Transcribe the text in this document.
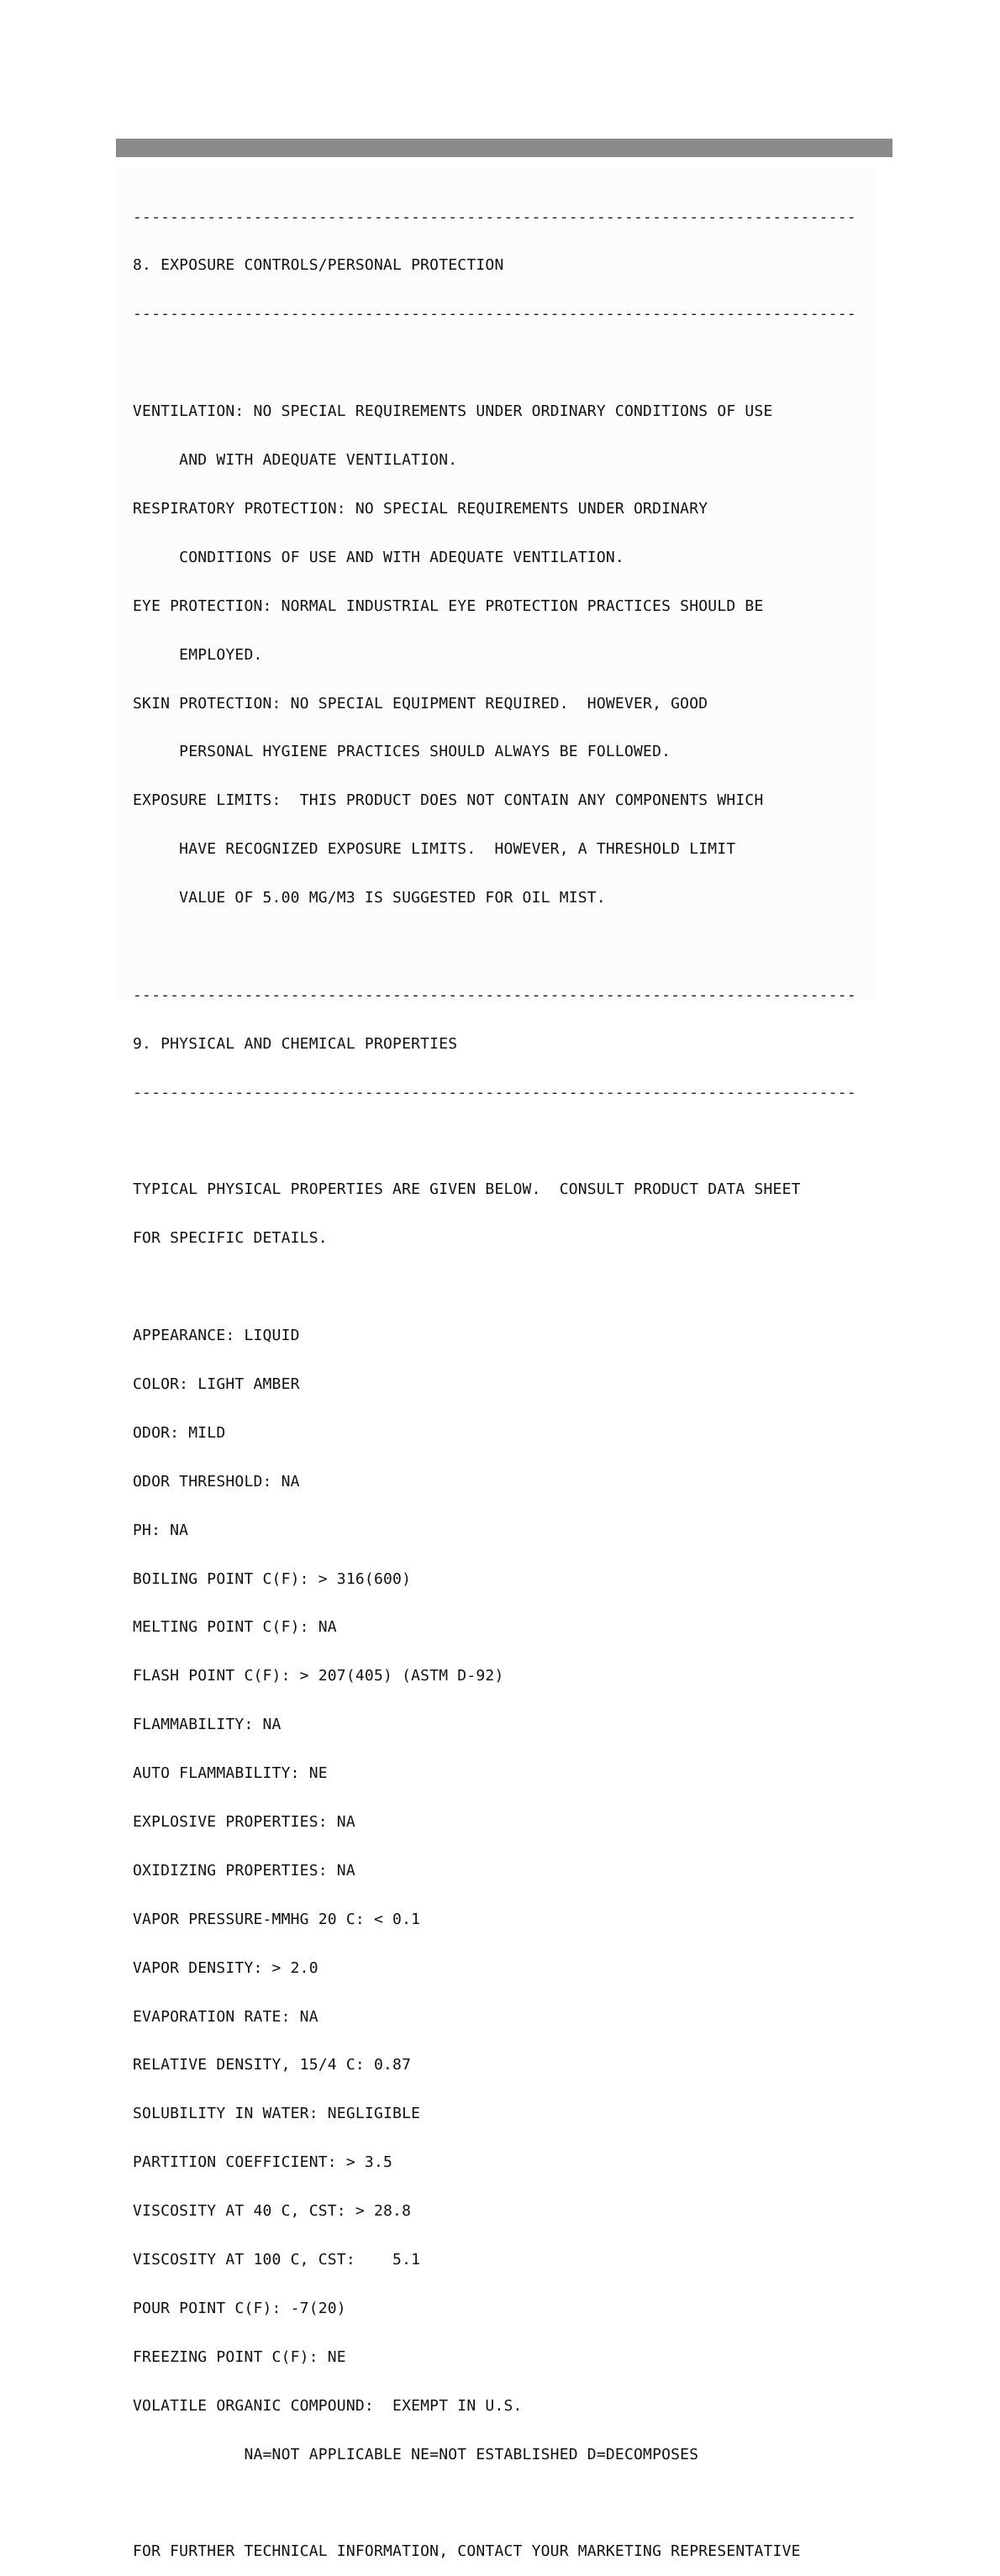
------------------------------------------------------------------------------

8. EXPOSURE CONTROLS/PERSONAL PROTECTION

------------------------------------------------------------------------------

VENTILATION: NO SPECIAL REQUIREMENTS UNDER ORDINARY CONDITIONS OF USE

AND WITH ADEQUATE VENTILATION.

RESPIRATORY PROTECTION: NO SPECIAL REQUIREMENTS UNDER ORDINARY

CONDITIONS OF USE AND WITH ADEQUATE VENTILATION.

EYE PROTECTION: NORMAL INDUSTRIAL EYE PROTECTION PRACTICES SHOULD BE

EMPLOYED.

SKIN PROTECTION: NO SPECIAL EQUIPMENT REQUIRED.  HOWEVER, GOOD

PERSONAL HYGIENE PRACTICES SHOULD ALWAYS BE FOLLOWED.

EXPOSURE LIMITS:  THIS PRODUCT DOES NOT CONTAIN ANY COMPONENTS WHICH

HAVE RECOGNIZED EXPOSURE LIMITS.  HOWEVER, A THRESHOLD LIMIT

VALUE OF 5.00 MG/M3 IS SUGGESTED FOR OIL MIST.

------------------------------------------------------------------------------

9. PHYSICAL AND CHEMICAL PROPERTIES

------------------------------------------------------------------------------

TYPICAL PHYSICAL PROPERTIES ARE GIVEN BELOW.  CONSULT PRODUCT DATA SHEET

FOR SPECIFIC DETAILS.

APPEARANCE: LIQUID

COLOR: LIGHT AMBER

ODOR: MILD

ODOR THRESHOLD: NA

PH: NA

BOILING POINT C(F): > 316(600)

MELTING POINT C(F): NA

FLASH POINT C(F): > 207(405) (ASTM D-92)

FLAMMABILITY: NA

AUTO FLAMMABILITY: NE

EXPLOSIVE PROPERTIES: NA

OXIDIZING PROPERTIES: NA

VAPOR PRESSURE-MMHG 20 C: < 0.1

VAPOR DENSITY: > 2.0

EVAPORATION RATE: NA

RELATIVE DENSITY, 15/4 C: 0.87

SOLUBILITY IN WATER: NEGLIGIBLE

PARTITION COEFFICIENT: > 3.5

VISCOSITY AT 40 C, CST: > 28.8

VISCOSITY AT 100 C, CST:    5.1

POUR POINT C(F): -7(20)

FREEZING POINT C(F): NE

VOLATILE ORGANIC COMPOUND:  EXEMPT IN U.S.

NA=NOT APPLICABLE NE=NOT ESTABLISHED D=DECOMPOSES

FOR FURTHER TECHNICAL INFORMATION, CONTACT YOUR MARKETING REPRESENTATIVE
